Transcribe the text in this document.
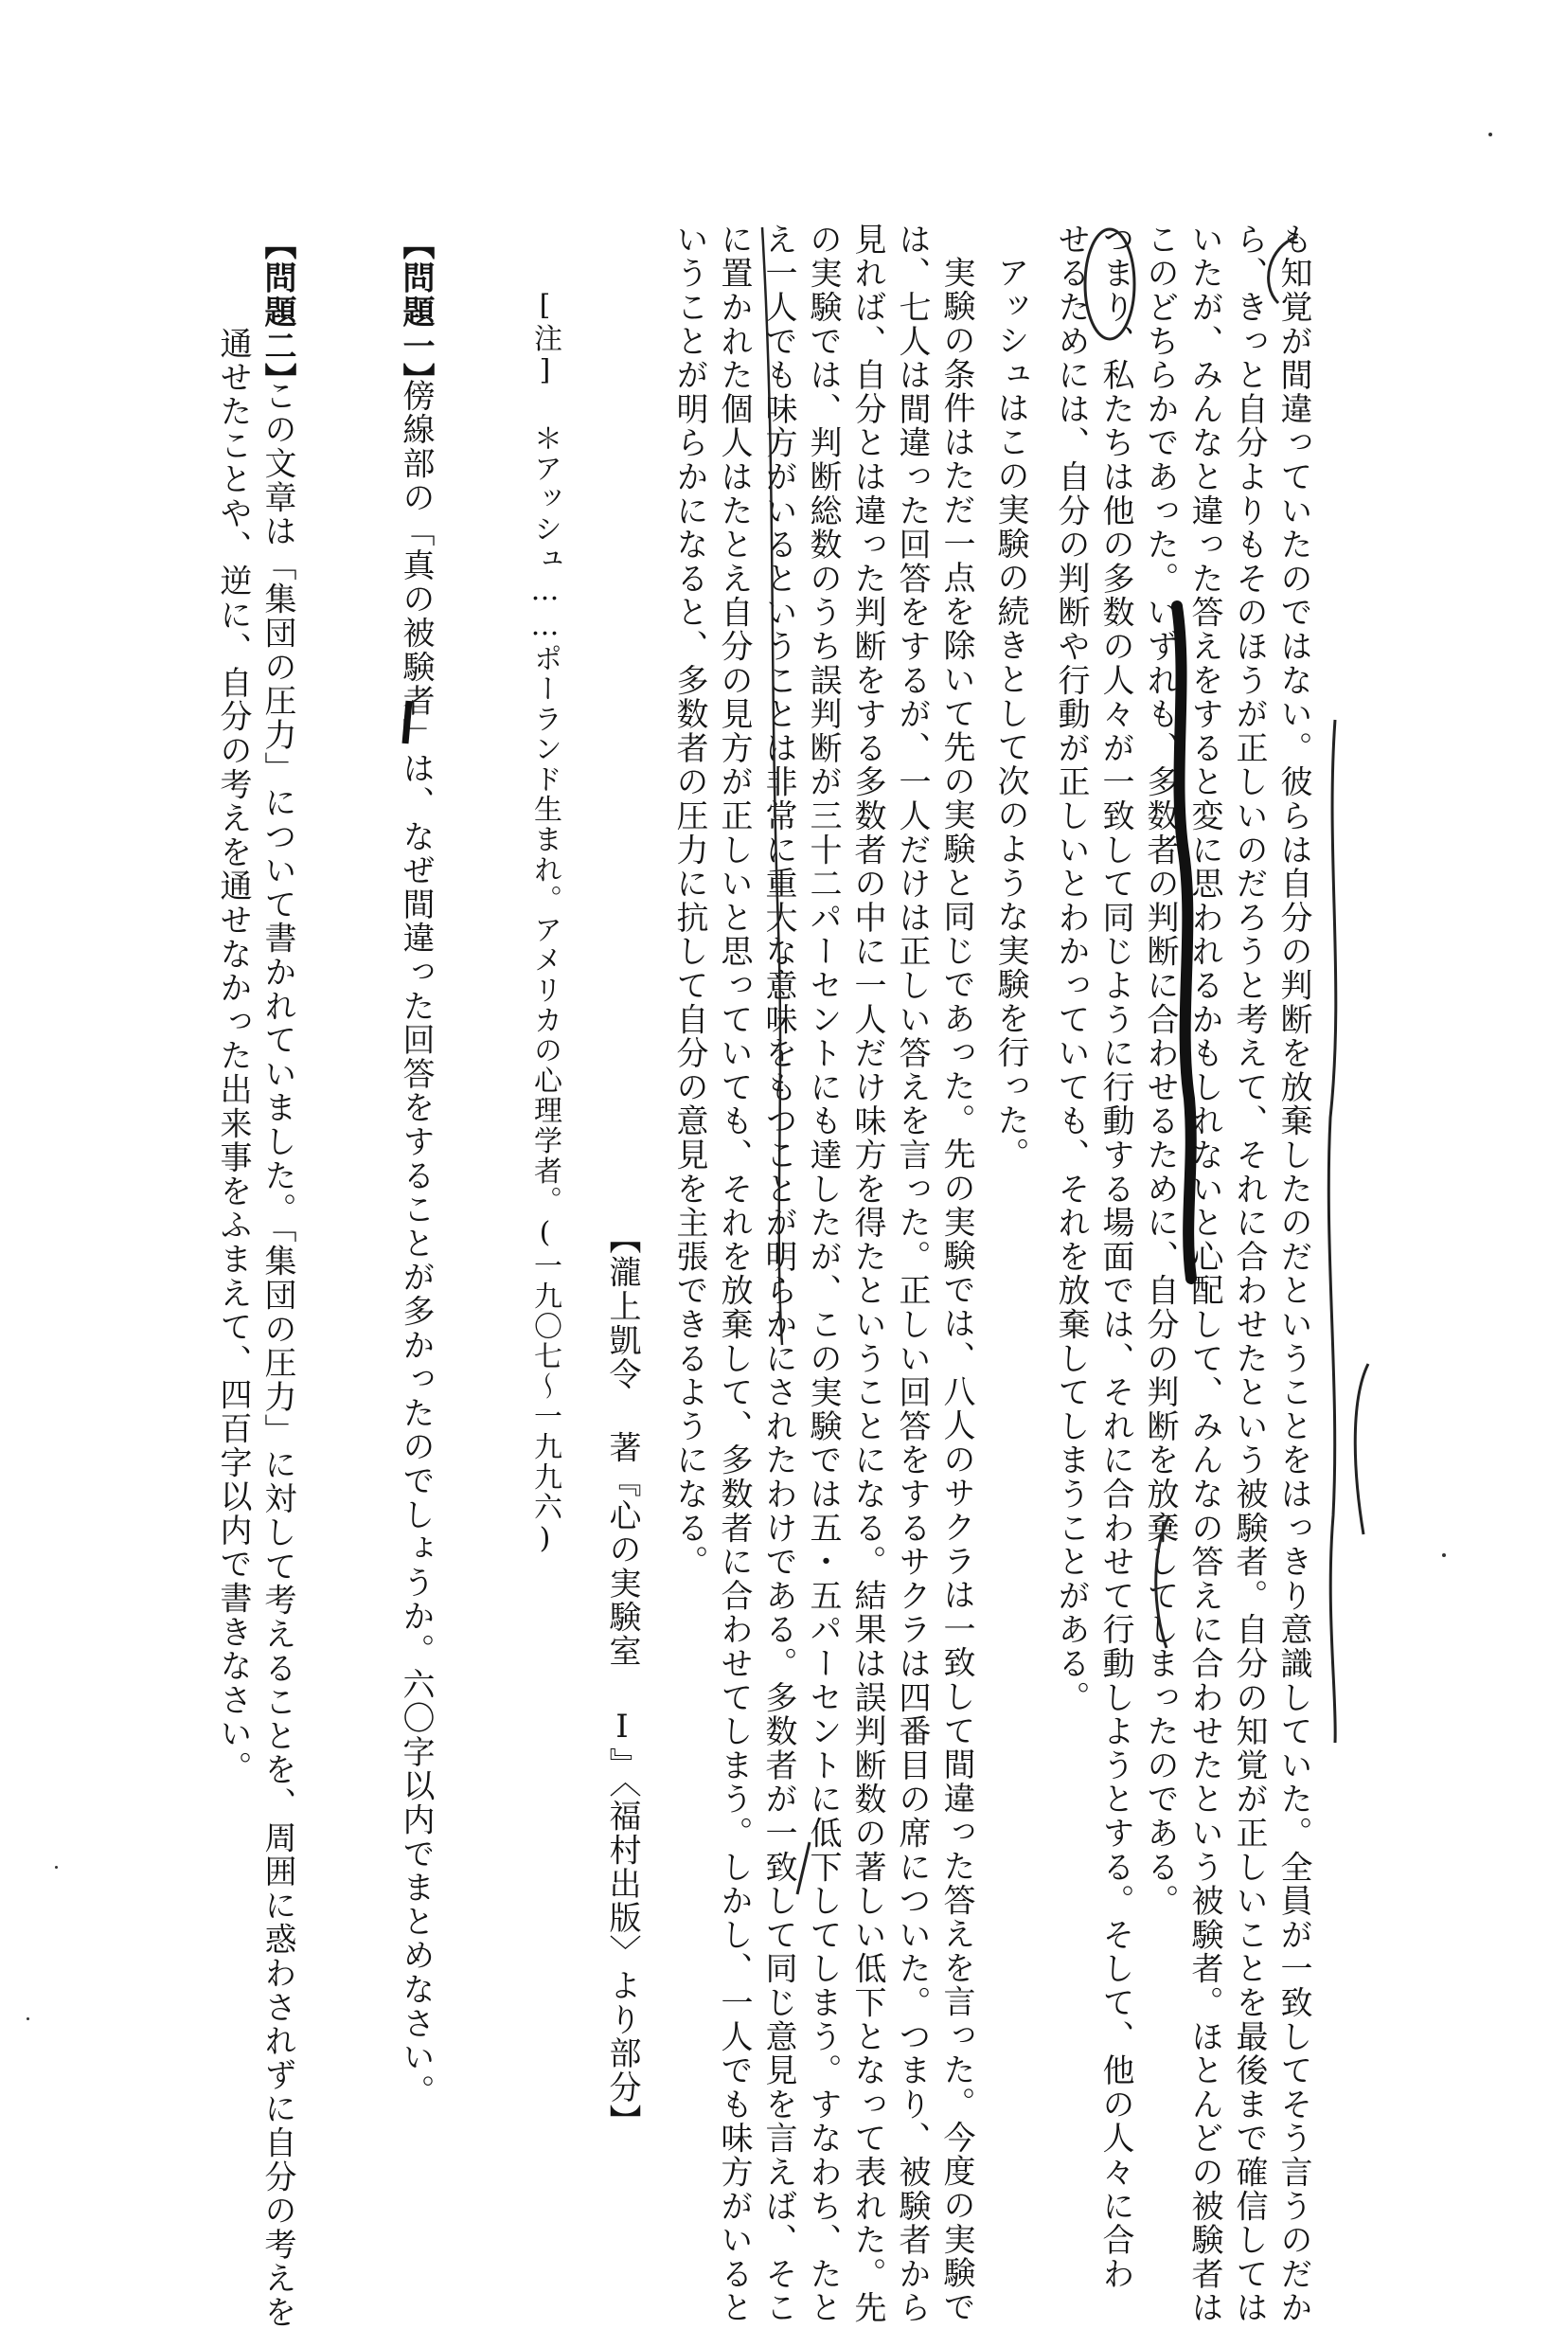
も知覚が間違っていたのではない。彼らは自分の判断を放棄したのだということをはっきり意識していた。全員が一致してそう言うのだか
ら、きっと自分よりもそのほうが正しいのだろうと考えて、それに合わせたという被験者。自分の知覚が正しいことを最後まで確信しては
いたが、みんなと違った答えをすると変に思われるかもしれないと心配して、みんなの答えに合わせたという被験者。ほとんどの被験者は
このどちらかであった。いずれも、多数者の判断に合わせるために、自分の判断を放棄してしまったのである。
つまり、私たちは他の多数の人々が一致して同じように行動する場面では、それに合わせて行動しようとする。そして、他の人々に合わ
せるためには、自分の判断や行動が正しいとわかっていても、それを放棄してしまうことがある。
アッシュはこの実験の続きとして次のような実験を行った。
実験の条件はただ一点を除いて先の実験と同じであった。先の実験では、八人のサクラは一致して間違った答えを言った。今度の実験で
は、七人は間違った回答をするが、一人だけは正しい答えを言った。正しい回答をするサクラは四番目の席についた。つまり、被験者から
見れば、自分とは違った判断をする多数者の中に一人だけ味方を得たということになる。結果は誤判断数の著しい低下となって表れた。先
の実験では、判断総数のうち誤判断が三十二パーセントにも達したが、この実験では五・五パーセントに低下してしまう。すなわち、たと
え一人でも味方がいるということは非常に重大な意味をもつことが明らかにされたわけである。多数者が一致して同じ意見を言えば、そこ
に置かれた個人はたとえ自分の見方が正しいと思っていても、それを放棄して、多数者に合わせてしまう。しかし、一人でも味方がいると
いうことが明らかになると、多数者の圧力に抗して自分の意見を主張できるようになる。
【瀧上凱令 著『心の実験室 Ⅰ』〈福村出版〉より部分】
[注] ＊アッシュ……ポーランド生まれ。アメリカの心理学者。(一九〇七〜一九九六)
【問題一】
傍線部の「真の被験者」は、なぜ間違った回答をすることが多かったのでしょうか。六〇字以内でまとめなさい。
【問題二】
この文章は「集団の圧力」について書かれていました。「集団の圧力」に対して考えることを、周囲に惑わされずに自分の考えを
通せたことや、逆に、自分の考えを通せなかった出来事をふまえて、四百字以内で書きなさい。
